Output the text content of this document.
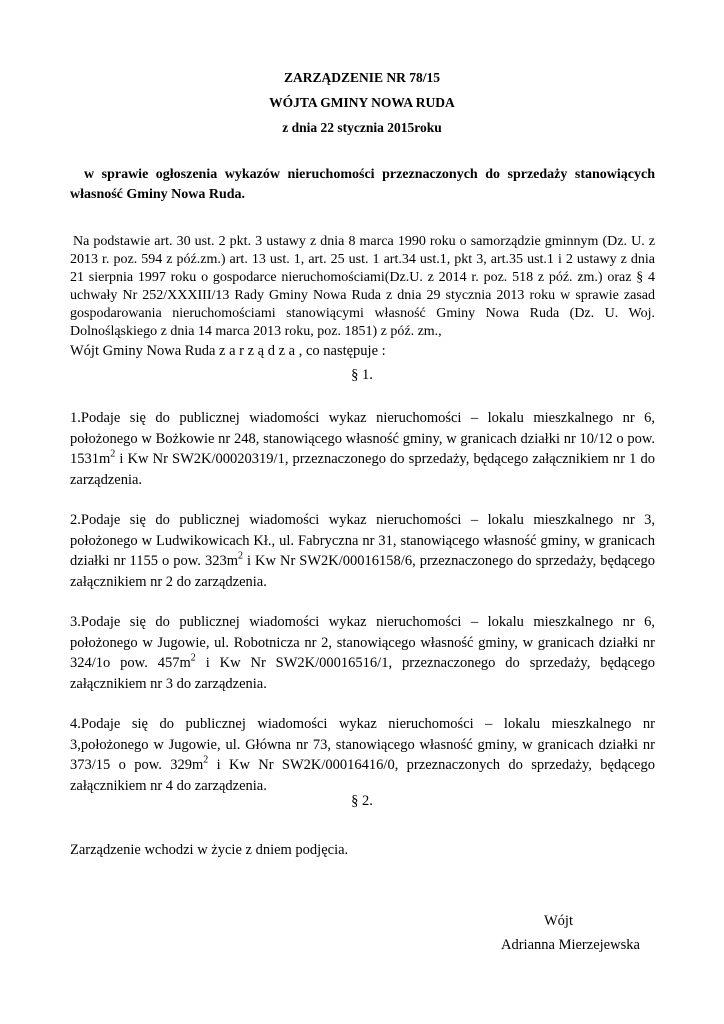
ZARZĄDZENIE NR 78/15

WÓJTA GMINY NOWA RUDA

z dnia 22 stycznia 2015roku

w sprawie ogłoszenia wykazów nieruchomości przeznaczonych do sprzedaży stanowiących własność Gminy Nowa Ruda.

Na podstawie art. 30 ust. 2 pkt. 3 ustawy z dnia 8 marca 1990 roku o samorządzie gminnym (Dz. U. z 2013 r. poz. 594 z póź.zm.) art. 13 ust. 1, art. 25 ust. 1 art.34 ust.1, pkt 3, art.35 ust.1 i 2 ustawy z dnia 21 sierpnia 1997 roku o gospodarce nieruchomościami(Dz.U. z 2014 r. poz. 518 z póź. zm.) oraz § 4 uchwały Nr 252/XXXIII/13 Rady Gminy Nowa Ruda z dnia 29 stycznia 2013 roku w sprawie zasad gospodarowania nieruchomościami stanowiącymi własność Gminy Nowa Ruda (Dz. U. Woj. Dolnośląskiego z dnia 14 marca 2013 roku, poz. 1851) z póź. zm.,

Wójt Gminy Nowa Ruda z a r z ą d z a , co następuje :

§ 1.

1.Podaje się do publicznej wiadomości wykaz nieruchomości – lokalu mieszkalnego nr 6, położonego w Bożkowie nr 248, stanowiącego własność gminy, w granicach działki nr 10/12 o pow. $1531m^2$ i Kw Nr SW2K/00020319/1, przeznaczonego do sprzedaży, będącego załącznikiem nr 1 do zarządzenia.

2.Podaje się do publicznej wiadomości wykaz nieruchomości – lokalu mieszkalnego nr 3, położonego w Ludwikowicach Kł., ul. Fabryczna nr 31, stanowiącego własność gminy, w granicach działki nr 1155 o pow. $323m^2$ i Kw Nr SW2K/00016158/6, przeznaczonego do sprzedaży, będącego załącznikiem nr 2 do zarządzenia.

3.Podaje się do publicznej wiadomości wykaz nieruchomości – lokalu mieszkalnego nr 6, położonego w Jugowie, ul. Robotnicza nr 2, stanowiącego własność gminy, w granicach działki nr 324/1o pow. $457m^2$ i Kw Nr SW2K/00016516/1, przeznaczonego do sprzedaży, będącego załącznikiem nr 3 do zarządzenia.

4.Podaje się do publicznej wiadomości wykaz nieruchomości – lokalu mieszkalnego nr 3,położonego w Jugowie, ul. Główna nr 73, stanowiącego własność gminy, w granicach działki nr 373/15 o pow. $329m^2$ i Kw Nr SW2K/00016416/0, przeznaczonych do sprzedaży, będącego załącznikiem nr 4 do zarządzenia.

§ 2.

Zarządzenie wchodzi w życie z dniem podjęcia.

Wójt

Adrianna Mierzejewska
